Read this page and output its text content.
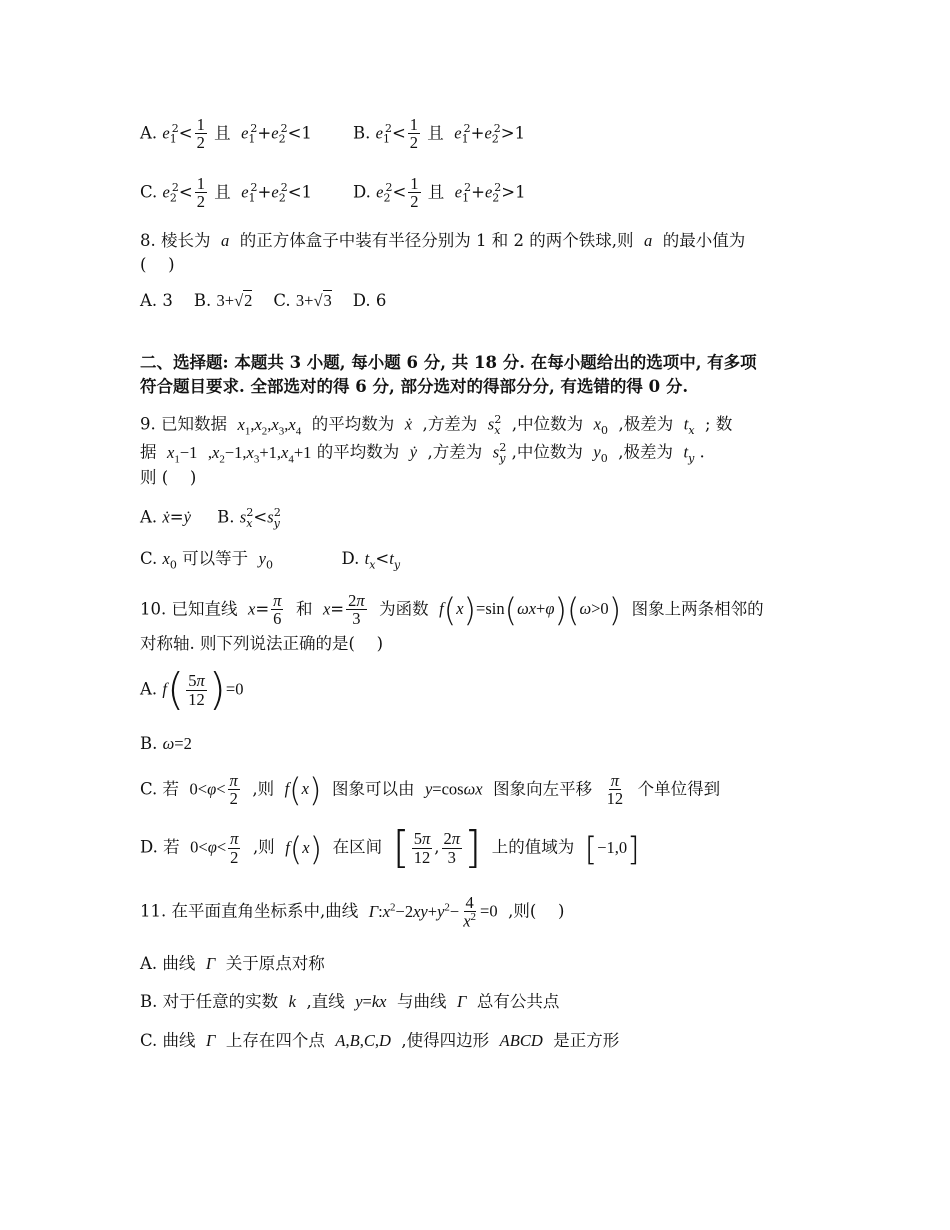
A. $e_1^2< \frac{1}{2}$ 且 $e_1^2+e_2^2<1$ B. $e_1^2< \frac{1}{2}$ 且 $e_1^2+e_2^2>1$
C. $e_2^2< \frac{1}{2}$ 且 $e_1^2+e_2^2<1$ D. $e_2^2< \frac{1}{2}$ 且 $e_1^2+e_2^2>1$
8. 棱长为 a 的正方体盒子中装有半径分别为 1 和 2 的两个铁球,则 a 的最小值为
(　 )
A. 3 B. 3+√2 C. 3+√3 D. 6
二、选择题: 本题共 3 小题, 每小题 6 分, 共 18 分. 在每小题给出的选项中, 有多项
符合题目要求. 全部选对的得 6 分, 部分选对的得部分分, 有选错的得 0 分.
9. 已知数据 $x_1,x_2,x_3,x_4$ 的平均数为 ẋ ,方差为 $s_x^2$ ,中位数为 $x_0$ ,极差为 $t_x$ ; 数
据 $x_1-1$ $,x_2-1,x_3+1,x_4+1$ 的平均数为 ẏ ,方差为 $s_y^2$ ,中位数为 $y_0$ ,极差为 $t_y$ .
则 (　 )
A. ẋ=ẏ B. $s_x^2<s_y^2$
C. $x_0$ 可以等于 $y_0$	D. $t_x<t_y$
10. 已知直线 $x= \frac{\pi}{6}$ 和 $x= \frac{2\pi}{3}$ 为函数 f(x)=sin(ωx+φ)(ω>0) 图象上两条相邻的
对称轴. 则下列说法正确的是(　 )
A. $f( \frac{5\pi}{12} )=0$
B. ω=2
C. 若 $0<\varphi< \frac{\pi}{2}$ ,则 f(x) 图象可以由 y=cosωx 图象向左平移 $\frac{\pi}{12}$ 个单位得到
D. 若 $0<\varphi< \frac{\pi}{2}$ ,则 f(x) 在区间 [ $\frac{5\pi}{12}$ , $\frac{2\pi}{3}$ ] 上的值域为 [−1,0]
11. 在平面直角坐标系中,曲线 $\Gamma:x^2-2xy+y^2- \frac{4}{x^2} =0$ ,则(　 )
A. 曲线 Γ 关于原点对称
B. 对于任意的实数 k ,直线 y=kx 与曲线 Γ 总有公共点
C. 曲线 Γ 上存在四个点 A,B,C,D ,使得四边形 ABCD 是正方形
